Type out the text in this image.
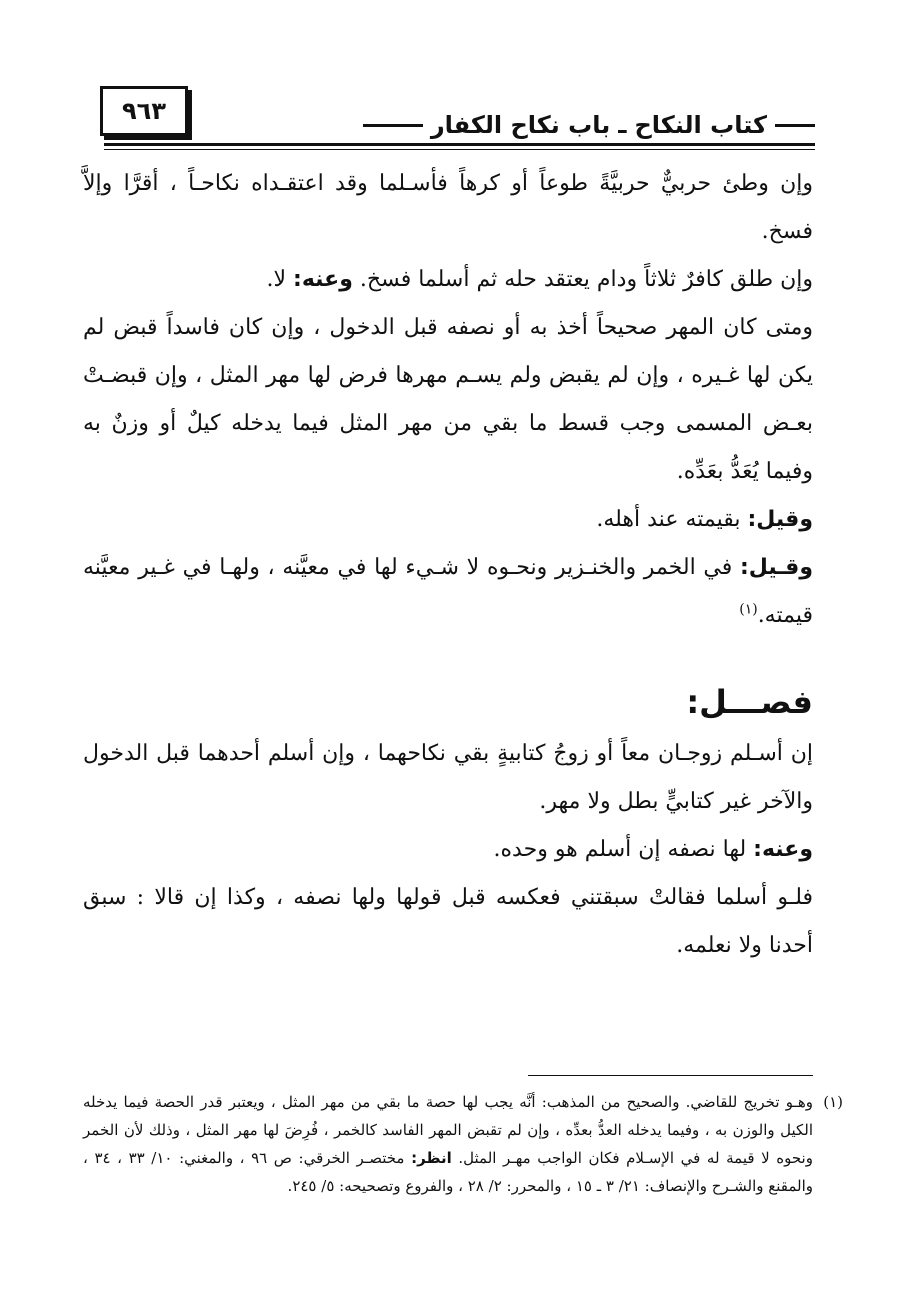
٩٦٣	كتاب النكاح
ـ
باب نكاح الكفار

وإن وطئ حربيٌّ حربيَّةً طوعاً أو كرهاً فأسـلما وقد اعتقـداه نكاحـاً ، أقرَّا وإلاَّ فسخ.

وإن طلق كافرٌ ثلاثاً ودام يعتقد حله ثم أسلما فسخ. وعنه: لا.

ومتى كان المهر صحيحاً أخذ به أو نصفه قبل الدخول ، وإن كان فاسداً قبض لم يكن لها غـيره ، وإن لم يقبض ولم يسـم مهرها فرض لها مهر المثل ، وإن قبضـتْ بعـض المسمى وجب قسط ما بقي من مهر المثل فيما يدخله كيلٌ أو وزنٌ به وفيما يُعَدُّ بعَدِّه.

وقيل: بقيمته عند أهله.

وقـيل: في الخمر والخنـزير ونحـوه لا شـيء لها في معيَّنه ، ولهـا في غـير معيَّنه قيمته.$^{(١)}$

فصـــل:

إن أسـلم زوجـان معاً أو زوجُ كتابيةٍ بقي نكاحهما ، وإن أسلم أحدهما قبل الدخول والآخر غير كتابيٍّ بطل ولا مهر.

وعنه: لها نصفه إن أسلم هو وحده.

فلـو أسلما فقالتْ سبقتني فعكسه قبل قولها ولها نصفه ، وكذا إن قالا : سبق أحدنا ولا نعلمه.

(١)
وهـو تخريج للقاضي. والصحيح من المذهب: أنَّه يجب لها حصة ما بقي من مهر المثل ، ويعتبر قدر الحصة فيما يدخله الكيل والوزن به ، وفيما يدخله العدُّ بعدِّه ، وإن لم تقبض المهر الفاسد كالخمر ، فُرِضَ لها مهر المثل ، وذلك لأن الخمر ونحوه لا قيمة له في الإسـلام فكان الواجب مهـر المثل. انظر: مختصـر الخرقي: ص ٩٦ ، والمغني: ١٠/ ٣٣ ، ٣٤ ، والمقنع والشـرح والإنصاف: ٢١/ ٣ ـ ١٥ ، والمحرر: ٢/ ٢٨ ، والفروع وتصحيحه: ٥/ ٢٤٥.
